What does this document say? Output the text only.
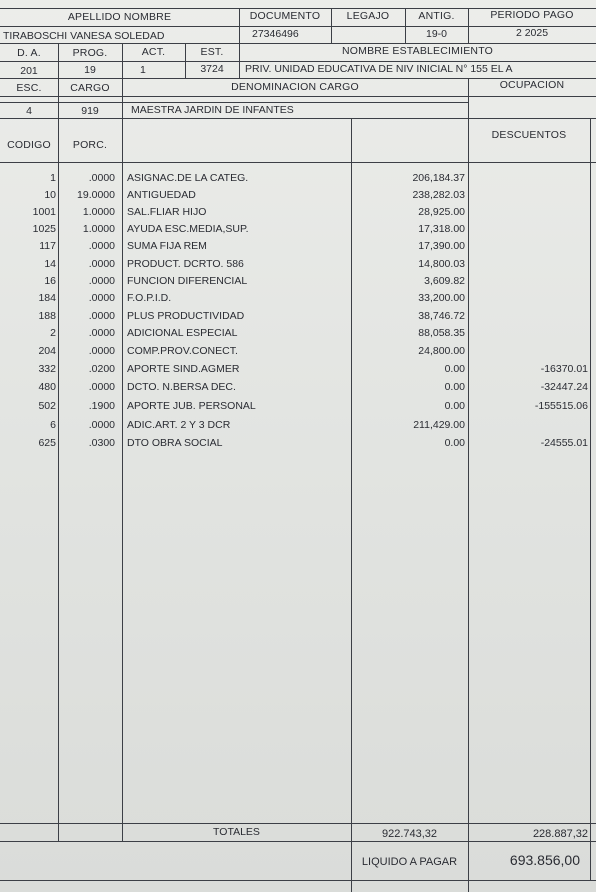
APELLIDO NOMBRE	DOCUMENTO	LEGAJO	ANTIG.	PERIODO PAGO
TIRABOSCHI VANESA SOLEDAD	27346496	19-0	2 2025
D. A.	PROG.	ACT.	EST.	NOMBRE ESTABLECIMIENTO
201	19	1	3724	PRIV. UNIDAD EDUCATIVA DE NIV INICIAL N° 155 EL A
ESC.	CARGO	DENOMINACION CARGO	OCUPACION
4	919	MAESTRA JARDIN DE INFANTES
CODIGO	PORC.
DESCUENTOS
1	.0000 ASIGNAC.DE LA CATEG.	206,184.37
10	19.0000 ANTIGUEDAD	238,282.03
1001	1.0000 SAL.FLIAR HIJO	28,925.00
1025	1.0000 AYUDA ESC.MEDIA,SUP.	17,318.00
117	.0000 SUMA FIJA REM	17,390.00
14	.0000 PRODUCT. DCRTO. 586	14,800.03
16	.0000 FUNCION DIFERENCIAL	3,609.82
184	.0000 F.O.P.I.D.	33,200.00
188	.0000 PLUS PRODUCTIVIDAD	38,746.72
2	.0000 ADICIONAL ESPECIAL	88,058.35
204	.0000 COMP.PROV.CONECT.	24,800.00
332	.0200 APORTE SIND.AGMER	0.00	-16370.01
480	.0000 DCTO. N.BERSA DEC.	0.00	-32447.24
502	.1900 APORTE JUB. PERSONAL	0.00	-155515.06
6	.0000 ADIC.ART. 2 Y 3 DCR	211,429.00
625	.0300 DTO OBRA SOCIAL	0.00	-24555.01
TOTALES	922.743,32	228.887,32
LIQUIDO A PAGAR	693.856,00
